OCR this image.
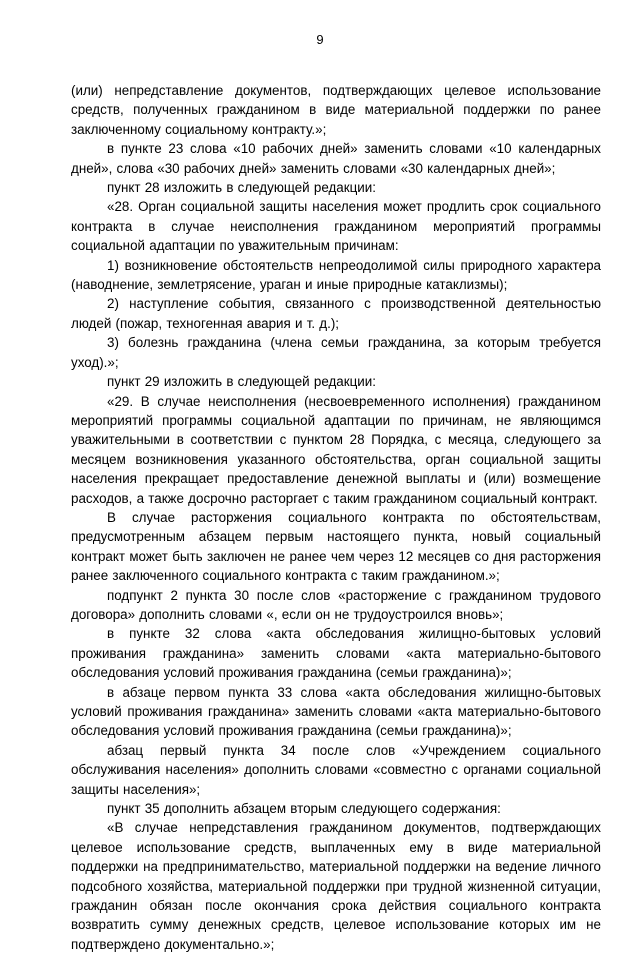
9

(или) непредставление документов, подтверждающих целевое использование средств, полученных гражданином в виде материальной поддержки по ранее заключенному социальному контракту.»;

в пункте 23 слова «10 рабочих дней» заменить словами «10 календарных дней», слова «30 рабочих дней» заменить словами «30 календарных дней»;

пункт 28 изложить в следующей редакции:

«28. Орган социальной защиты населения может продлить срок социального контракта в случае неисполнения гражданином мероприятий программы социальной адаптации по уважительным причинам:

1) возникновение обстоятельств непреодолимой силы природного характера (наводнение, землетрясение, ураган и иные природные катаклизмы);

2) наступление события, связанного с производственной деятельностью людей (пожар, техногенная авария и т. д.);

3) болезнь гражданина (члена семьи гражданина, за которым требуется уход).»;

пункт 29 изложить в следующей редакции:

«29. В случае неисполнения (несвоевременного исполнения) гражданином мероприятий программы социальной адаптации по причинам, не являющимся уважительными в соответствии с пунктом 28 Порядка, с месяца, следующего за месяцем возникновения указанного обстоятельства, орган социальной защиты населения прекращает предоставление денежной выплаты и (или) возмещение расходов, а также досрочно расторгает с таким гражданином социальный контракт.

В случае расторжения социального контракта по обстоятельствам, предусмотренным абзацем первым настоящего пункта, новый социальный контракт может быть заключен не ранее чем через 12 месяцев со дня расторжения ранее заключенного социального контракта с таким гражданином.»;

подпункт 2 пункта 30 после слов «расторжение с гражданином трудового договора» дополнить словами «, если он не трудоустроился вновь»;

в пункте 32 слова «акта обследования жилищно-бытовых условий проживания гражданина» заменить словами «акта материально-бытового обследования условий проживания гражданина (семьи гражданина)»;

в абзаце первом пункта 33 слова «акта обследования жилищно-бытовых условий проживания гражданина» заменить словами «акта материально-бытового обследования условий проживания гражданина (семьи гражданина)»;

абзац первый пункта 34 после слов «Учреждением социального обслуживания населения» дополнить словами «совместно с органами социальной защиты населения»;

пункт 35 дополнить абзацем вторым следующего содержания:

«В случае непредставления гражданином документов, подтверждающих целевое использование средств, выплаченных ему в виде материальной поддержки на предпринимательство, материальной поддержки на ведение личного подсобного хозяйства, материальной поддержки при трудной жизненной ситуации, гражданин обязан после окончания срока действия социального контракта возвратить сумму денежных средств, целевое использование которых им не подтверждено документально.»;
